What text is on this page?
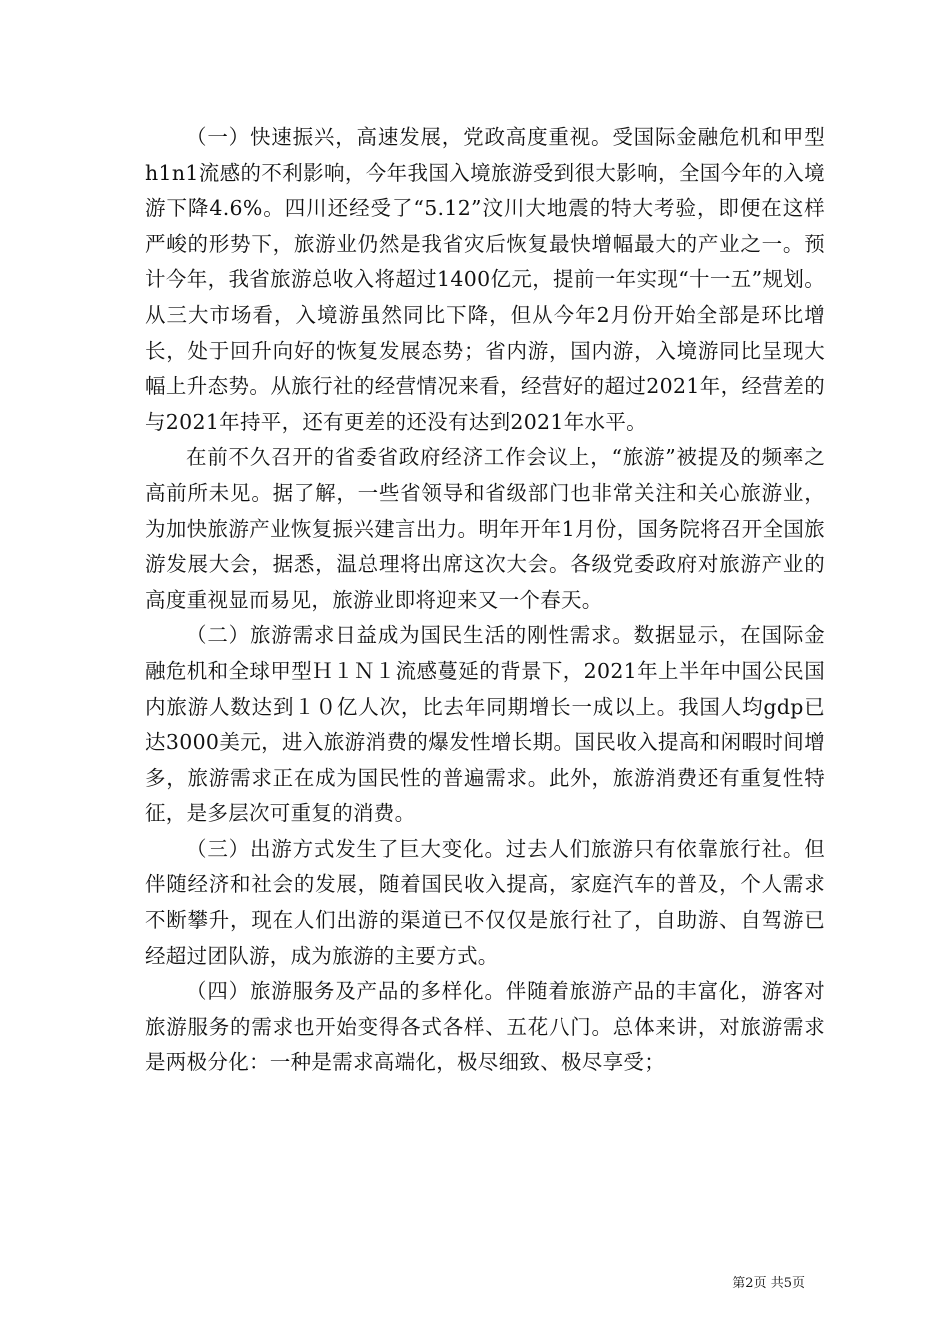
（一）快速振兴，高速发展，党政高度重视。受国际金融危机和甲型h1n1流感的不利影响，今年我国入境旅游受到很大影响，全国今年的入境游下降4.6%。四川还经受了“5.12”汶川大地震的特大考验，即便在这样严峻的形势下，旅游业仍然是我省灾后恢复最快增幅最大的产业之一。预计今年，我省旅游总收入将超过1400亿元，提前一年实现“十一五”规划。从三大市场看，入境游虽然同比下降，但从今年2月份开始全部是环比增长，处于回升向好的恢复发展态势；省内游，国内游，入境游同比呈现大幅上升态势。从旅行社的经营情况来看，经营好的超过2021年，经营差的与2021年持平，还有更差的还没有达到2021年水平。

在前不久召开的省委省政府经济工作会议上，“旅游”被提及的频率之高前所未见。据了解，一些省领导和省级部门也非常关注和关心旅游业，为加快旅游产业恢复振兴建言出力。明年开年1月份，国务院将召开全国旅游发展大会，据悉，温总理将出席这次大会。各级党委政府对旅游产业的高度重视显而易见，旅游业即将迎来又一个春天。

（二）旅游需求日益成为国民生活的刚性需求。数据显示，在国际金融危机和全球甲型Ｈ１Ｎ１流感蔓延的背景下，2021年上半年中国公民国内旅游人数达到１０亿人次，比去年同期增长一成以上。我国人均gdp已达3000美元，进入旅游消费的爆发性增长期。国民收入提高和闲暇时间增多，旅游需求正在成为国民性的普遍需求。此外，旅游消费还有重复性特征，是多层次可重复的消费。

（三）出游方式发生了巨大变化。过去人们旅游只有依靠旅行社。但伴随经济和社会的发展，随着国民收入提高，家庭汽车的普及，个人需求不断攀升，现在人们出游的渠道已不仅仅是旅行社了，自助游、自驾游已经超过团队游，成为旅游的主要方式。

（四）旅游服务及产品的多样化。伴随着旅游产品的丰富化，游客对旅游服务的需求也开始变得各式各样、五花八门。总体来讲，对旅游需求是两极分化：一种是需求高端化，极尽细致、极尽享受；

第2页 共5页
